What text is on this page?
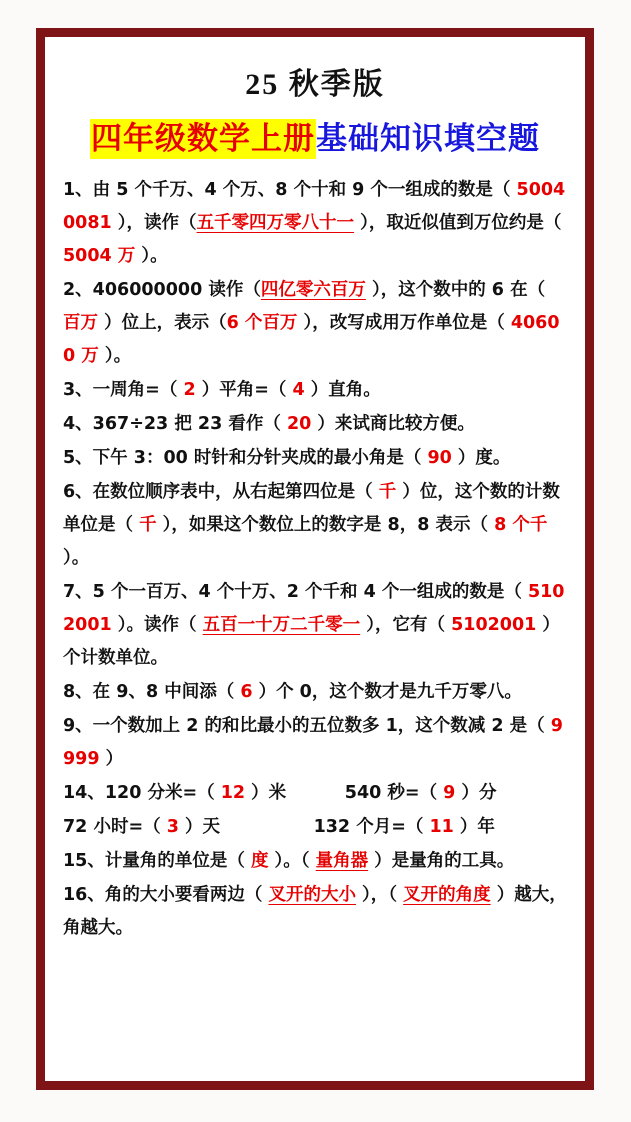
25 秋季版
四年级数学上册基础知识填空题

1、由 5 个千万、4 个万、8 个十和 9 个一组成的数是（ 50040081 ），读作（五千零四万零八十一 ），取近似值到万位约是（ 5004 万 ）。

2、406000000 读作（四亿零六百万 ），这个数中的 6 在（ 百万 ）位上，表示（6 个百万 ），改写成用万作单位是（ 40600 万 ）。

3、一周角=（ 2 ）平角=（ 4 ）直角。

4、367÷23 把 23 看作（ 20 ）来试商比较方便。

5、下午 3：00 时针和分针夹成的最小角是（ 90 ）度。

6、在数位顺序表中，从右起第四位是（ 千 ）位，这个数的计数单位是（ 千 ），如果这个数位上的数字是 8，8 表示（ 8 个千 ）。

7、5 个一百万、4 个十万、2 个千和 4 个一组成的数是（ 5102001 ）。读作（ 五百一十万二千零一 ），它有（ 5102001 ）个计数单位。

8、在 9、8 中间添（ 6 ）个 0，这个数才是九千万零八。

9、一个数加上 2 的和比最小的五位数多 1，这个数减 2 是（ 9999 ）

14、120 分米=（ 12 ）米　　　 540 秒=（ 9 ）分

72 小时=（ 3 ）天　　　　　 132 个月=（ 11 ）年

15、计量角的单位是（ 度 ）。（ 量角器 ）是量角的工具。

16、角的大小要看两边（ 叉开的大小 ），（ 叉开的角度 ）越大，角越大。
